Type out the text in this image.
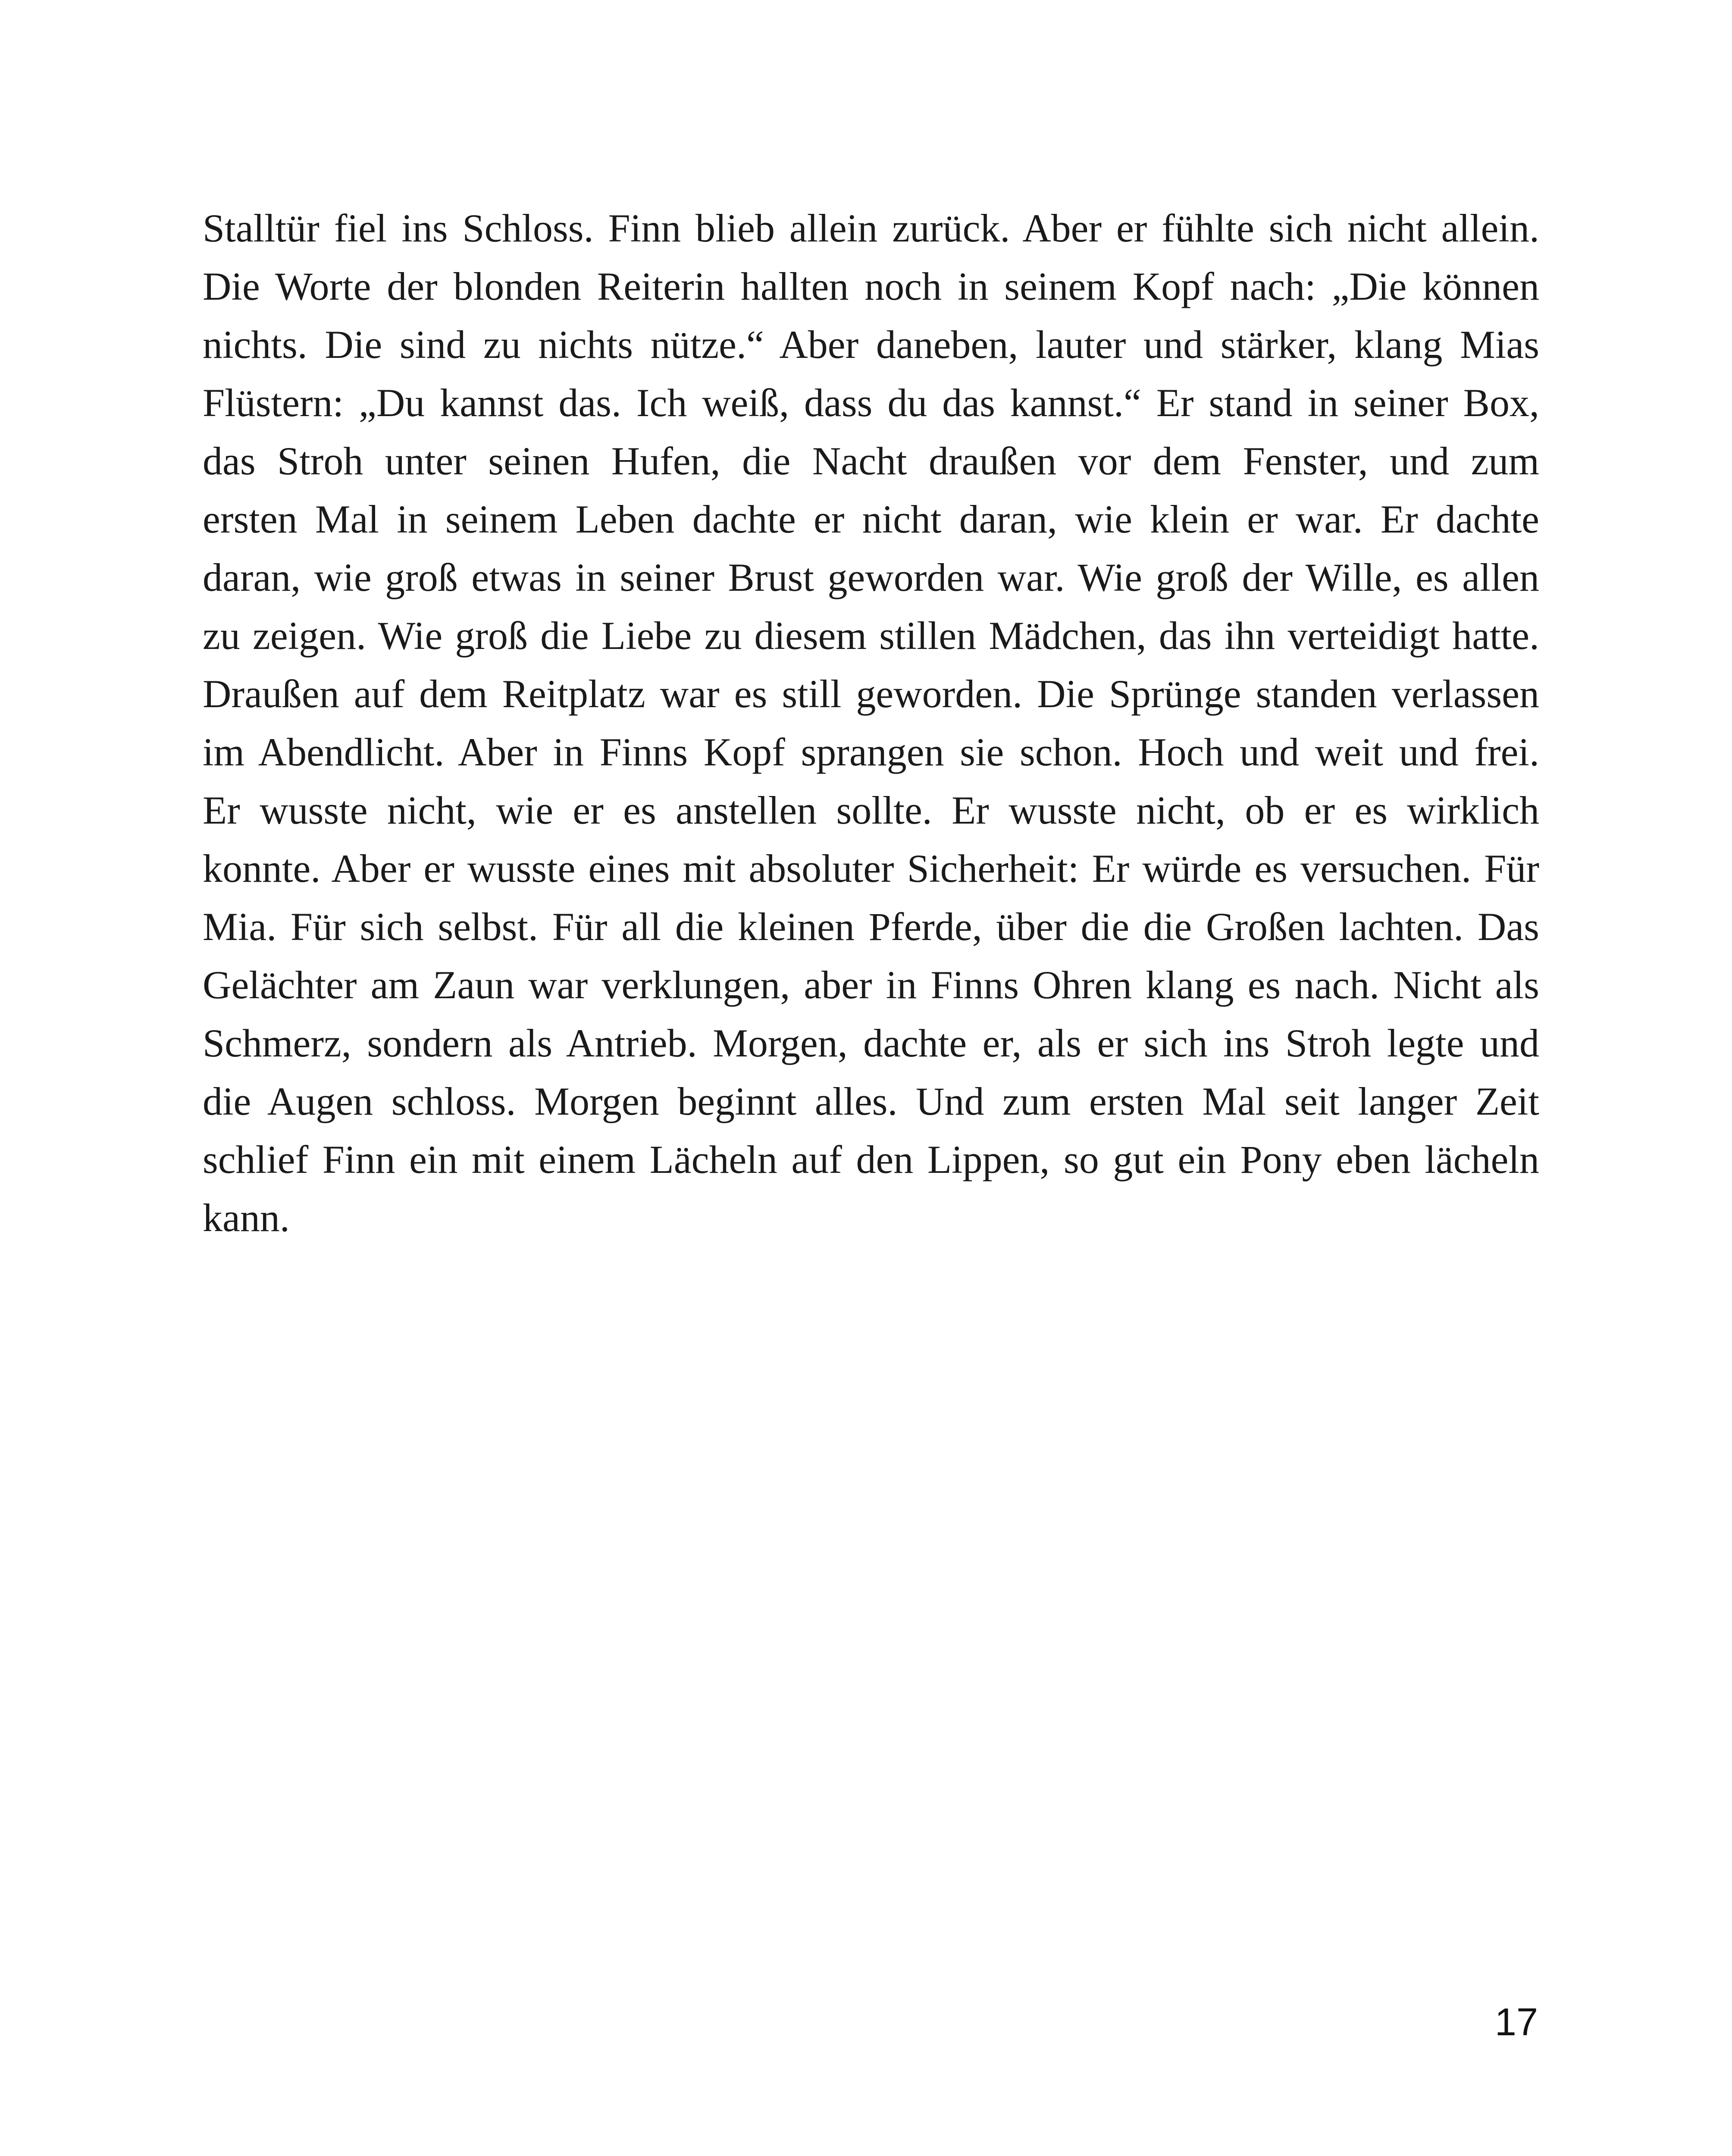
Stalltür fiel ins Schloss. Finn blieb allein zurück. Aber er fühlte sich nicht allein.
Die Worte der blonden Reiterin hallten noch in seinem Kopf nach: „Die können
nichts. Die sind zu nichts nütze.“ Aber daneben, lauter und stärker, klang Mias
Flüstern: „Du kannst das. Ich weiß, dass du das kannst.“ Er stand in seiner Box,
das Stroh unter seinen Hufen, die Nacht draußen vor dem Fenster, und zum
ersten Mal in seinem Leben dachte er nicht daran, wie klein er war. Er dachte
daran, wie groß etwas in seiner Brust geworden war. Wie groß der Wille, es allen
zu zeigen. Wie groß die Liebe zu diesem stillen Mädchen, das ihn verteidigt hatte.
Draußen auf dem Reitplatz war es still geworden. Die Sprünge standen verlassen
im Abendlicht. Aber in Finns Kopf sprangen sie schon. Hoch und weit und frei.
Er wusste nicht, wie er es anstellen sollte. Er wusste nicht, ob er es wirklich
konnte. Aber er wusste eines mit absoluter Sicherheit: Er würde es versuchen. Für
Mia. Für sich selbst. Für all die kleinen Pferde, über die die Großen lachten. Das
Gelächter am Zaun war verklungen, aber in Finns Ohren klang es nach. Nicht als
Schmerz, sondern als Antrieb. Morgen, dachte er, als er sich ins Stroh legte und
die Augen schloss. Morgen beginnt alles. Und zum ersten Mal seit langer Zeit
schlief Finn ein mit einem Lächeln auf den Lippen, so gut ein Pony eben lächeln
kann.

17
